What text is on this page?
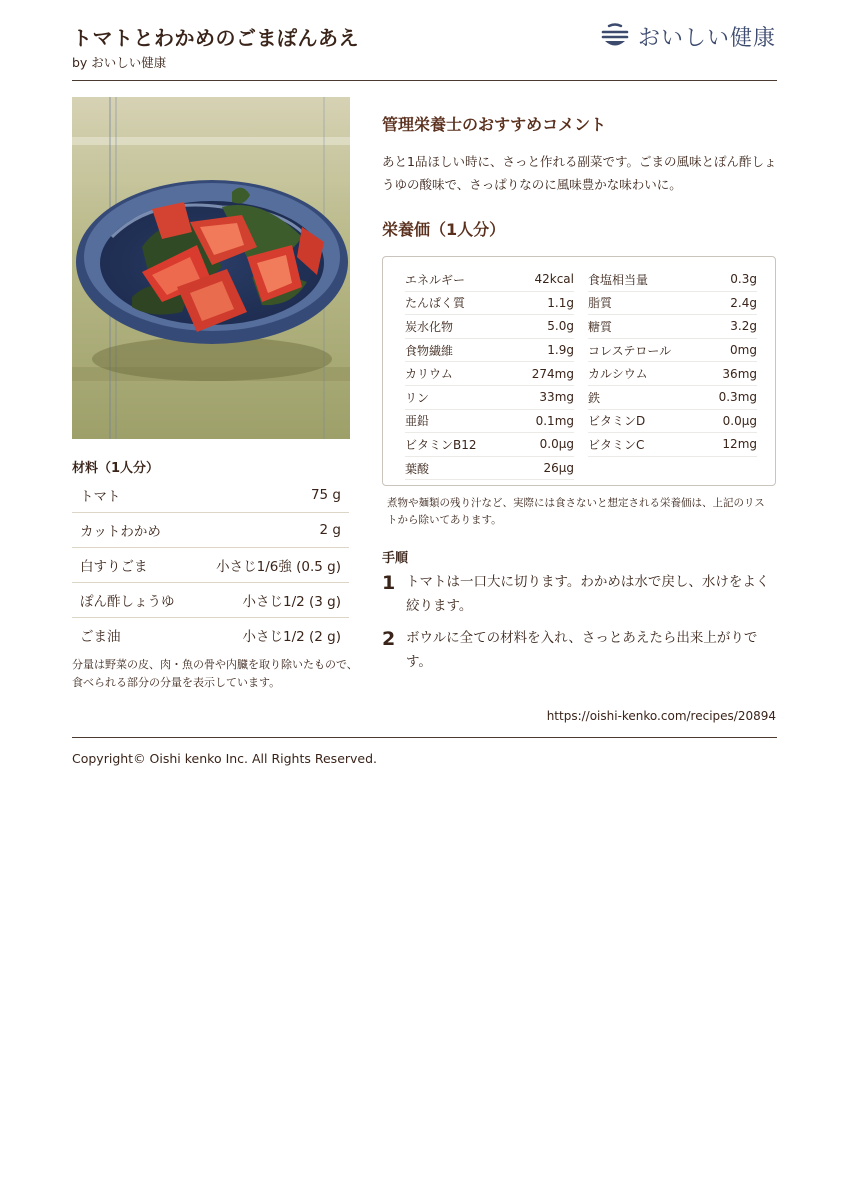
トマトとわかめのごまぽんあえ
by おいしい健康
おいしい健康
材料（1人分）
トマト	75 g
カットわかめ	2 g
白すりごま	小さじ1/6強 (0.5 g)
ぽん酢しょうゆ	小さじ1/2 (3 g)
ごま油	小さじ1/2 (2 g)
分量は野菜の皮、肉・魚の骨や内臓を取り除いたもので、 食べられる部分の分量を表示しています。
管理栄養士のおすすめコメント
あと1品ほしい時に、さっと作れる副菜です。ごまの風味とぽん酢しょうゆの酸味で、さっぱりなのに風味豊かな味わいに。
栄養価（1人分）
エネルギー	42kcal 食塩相当量	0.3g
たんぱく質	1.1g 脂質	2.4g
炭水化物	5.0g 糖質	3.2g
食物繊維	1.9g コレステロール	0mg
カリウム	274mg カルシウム	36mg
リン	33mg 鉄	0.3mg
亜鉛	0.1mg ビタミンD	0.0μg
ビタミンB12	0.0μg ビタミンC	12mg
葉酸	26μg
煮物や麺類の残り汁など、実際には食さないと想定される栄養価は、上記のリストから除いてあります。
手順
1 トマトは一口大に切ります。わかめは水で戻し、水けをよく絞ります。
2 ボウルに全ての材料を入れ、さっとあえたら出来上がりです。
https://oishi-kenko.com/recipes/20894
Copyright© Oishi kenko Inc. All Rights Reserved.
